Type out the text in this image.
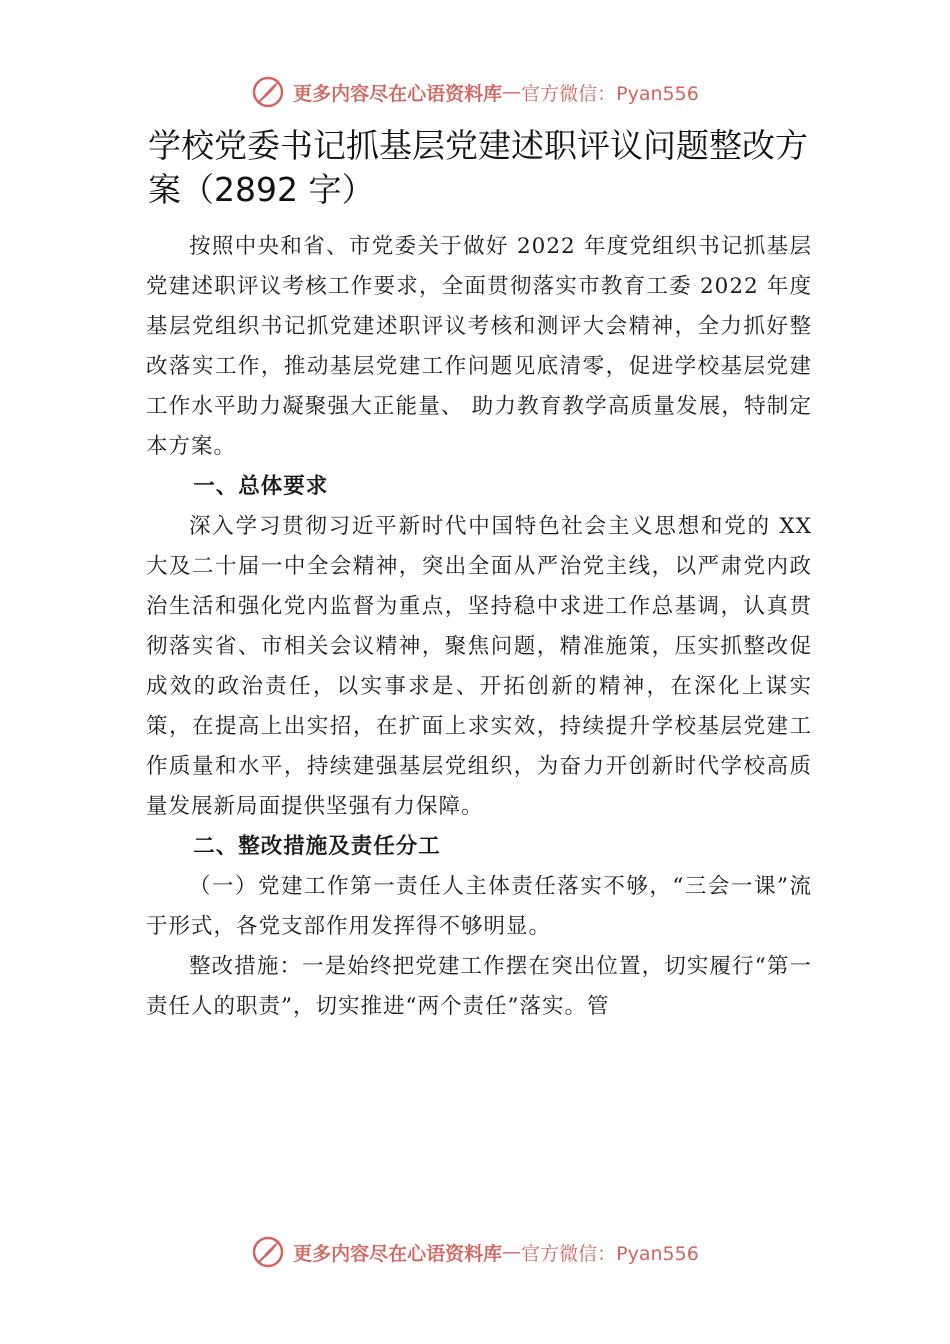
更多内容尽在心语资料库 — 官方微信：Pyan556
学校党委书记抓基层党建述职评议问题整改方案（2892 字）

按照中央和省、市党委关于做好 2022 年度党组织书记抓基层党建述职评议考核工作要求，全面贯彻落实市教育工委 2022 年度基层党组织书记抓党建述职评议考核和测评大会精神，全力抓好整改落实工作，推动基层党建工作问题见底清零，促进学校基层党建工作水平助力凝聚强大正能量、 助力教育教学高质量发展，特制定本方案。

一、总体要求

深入学习贯彻习近平新时代中国特色社会主义思想和党的 XX 大及二十届一中全会精神，突出全面从严治党主线，以严肃党内政治生活和强化党内监督为重点，坚持稳中求进工作总基调，认真贯彻落实省、市相关会议精神，聚焦问题，精准施策，压实抓整改促成效的政治责任，以实事求是、开拓创新的精神，在深化上谋实策，在提高上出实招，在扩面上求实效，持续提升学校基层党建工作质量和水平，持续建强基层党组织，为奋力开创新时代学校高质量发展新局面提供坚强有力保障。

二、整改措施及责任分工

（一）党建工作第一责任人主体责任落实不够，“三会一课”流于形式，各党支部作用发挥得不够明显。

整改措施：一是始终把党建工作摆在突出位置，切实履行“第一责任人的职责”，切实推进“两个责任”落实。管

更多内容尽在心语资料库 — 官方微信：Pyan556
